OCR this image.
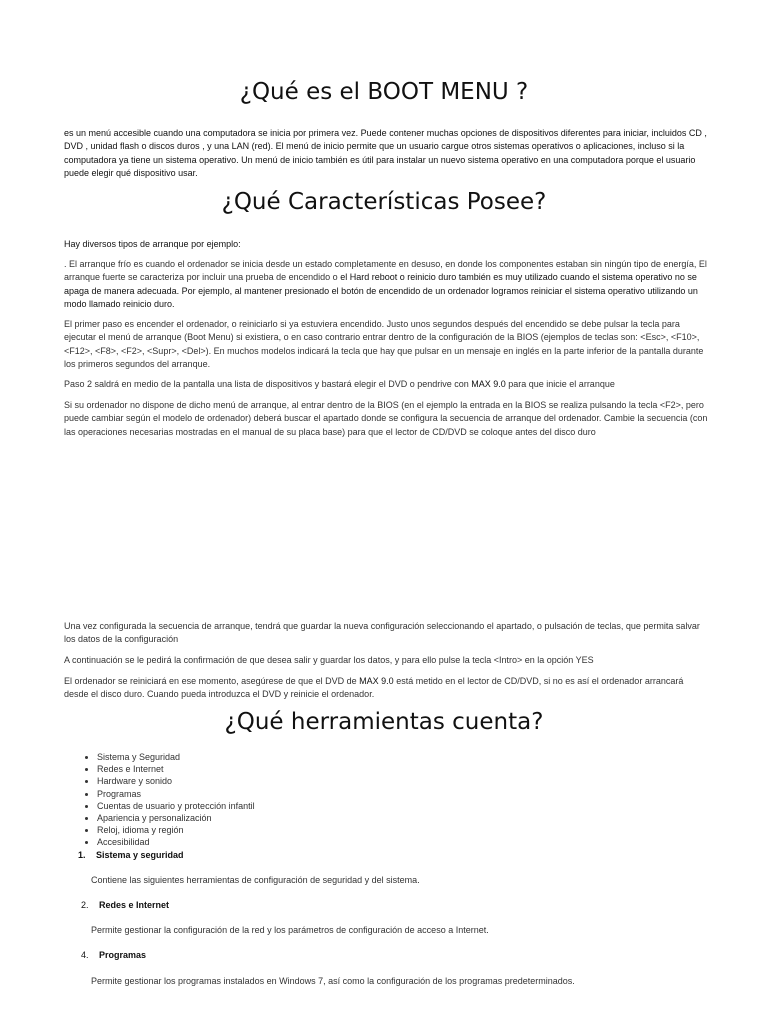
¿Qué es el BOOT MENU ?

es un menú accesible cuando una computadora se inicia por primera vez. Puede contener muchas opciones de dispositivos diferentes para iniciar, incluidos CD , DVD , unidad flash o discos duros , y una LAN (red). El menú de inicio permite que un usuario cargue otros sistemas operativos o aplicaciones, incluso si la computadora ya tiene un sistema operativo. Un menú de inicio también es útil para instalar un nuevo sistema operativo en una computadora porque el usuario puede elegir qué dispositivo usar.

¿Qué Características Posee?

Hay diversos tipos de arranque por ejemplo:

. El arranque frío es cuando el ordenador se inicia desde un estado completamente en desuso, en donde los componentes estaban sin ningún tipo de energía, El arranque fuerte se caracteriza por incluir una prueba de encendido o el Hard reboot o reinicio duro también es muy utilizado cuando el sistema operativo no se apaga de manera adecuada. Por ejemplo, al mantener presionado el botón de encendido de un ordenador logramos reiniciar el sistema operativo utilizando un modo llamado reinicio duro.

El primer paso es encender el ordenador, o reiniciarlo si ya estuviera encendido. Justo unos segundos después del encendido se debe pulsar la tecla para ejecutar el menú de arranque (Boot Menu) si existiera, o en caso contrario entrar dentro de la configuración de la BIOS (ejemplos de teclas son: <Esc>, <F10>, <F12>, <F8>, <F2>, <Supr>, <Del>). En muchos modelos indicará la tecla que hay que pulsar en un mensaje en inglés en la parte inferior de la pantalla durante los primeros segundos del arranque.

Paso 2 saldrá en medio de la pantalla una lista de dispositivos y bastará elegir el DVD o pendrive con MAX 9.0 para que inicie el arranque

Si su ordenador no dispone de dicho menú de arranque, al entrar dentro de la BIOS (en el ejemplo la entrada en la BIOS se realiza pulsando la tecla <F2>, pero puede cambiar según el modelo de ordenador) deberá buscar el apartado donde se configura la secuencia de arranque del ordenador. Cambie la secuencia (con las operaciones necesarias mostradas en el manual de su placa base) para que el lector de CD/DVD se coloque antes del disco duro

Una vez configurada la secuencia de arranque, tendrá que guardar la nueva configuración seleccionando el apartado, o pulsación de teclas, que permita salvar los datos de la configuración

A continuación se le pedirá la confirmación de que desea salir y guardar los datos, y para ello pulse la tecla <Intro> en la opción YES

El ordenador se reiniciará en ese momento, asegúrese de que el DVD de MAX 9.0 está metido en el lector de CD/DVD, si no es así el ordenador arrancará desde el disco duro. Cuando pueda introduzca el DVD y reinicie el ordenador.

¿Qué herramientas cuenta?
• Sistema y Seguridad
• Redes e Internet
• Hardware y sonido
• Programas
• Cuentas de usuario y protección infantil
• Apariencia y personalización
• Reloj, idioma y región
• Accesibilidad
1. Sistema y seguridad
Contiene las siguientes herramientas de configuración de seguridad y del sistema.
2. Redes e Internet
Permite gestionar la configuración de la red y los parámetros de configuración de acceso a Internet.
4. Programas
Permite gestionar los programas instalados en Windows 7, así como la configuración de los programas predeterminados.
